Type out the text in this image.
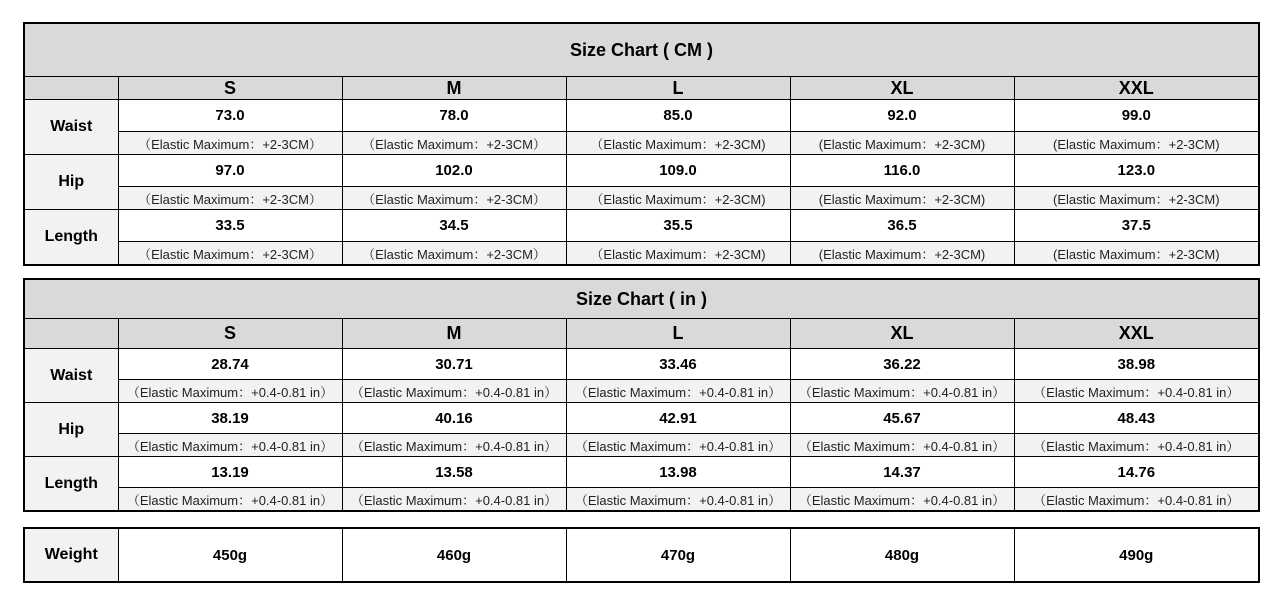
Size Chart ( CM )					
	S	M	L	XL	XXL
Waist	73.0	78.0	85.0	92.0	99.0
	（Elastic Maximum：+2-3CM）	（Elastic Maximum：+2-3CM）	（Elastic Maximum：+2-3CM)	(Elastic Maximum：+2-3CM)	(Elastic Maximum：+2-3CM)
Hip	97.0	102.0	109.0	116.0	123.0
	（Elastic Maximum：+2-3CM）	（Elastic Maximum：+2-3CM）	（Elastic Maximum：+2-3CM)	(Elastic Maximum：+2-3CM)	(Elastic Maximum：+2-3CM)
Length	33.5	34.5	35.5	36.5	37.5
	（Elastic Maximum：+2-3CM）	（Elastic Maximum：+2-3CM）	（Elastic Maximum：+2-3CM)	(Elastic Maximum：+2-3CM)	(Elastic Maximum：+2-3CM)
Size Chart ( in )					
	S	M	L	XL	XXL
Waist	28.74	30.71	33.46	36.22	38.98
	（Elastic Maximum：+0.4-0.81 in）	（Elastic Maximum：+0.4-0.81 in）	（Elastic Maximum：+0.4-0.81 in）	（Elastic Maximum：+0.4-0.81 in）	（Elastic Maximum：+0.4-0.81 in）
Hip	38.19	40.16	42.91	45.67	48.43
	（Elastic Maximum：+0.4-0.81 in）	（Elastic Maximum：+0.4-0.81 in）	（Elastic Maximum：+0.4-0.81 in）	（Elastic Maximum：+0.4-0.81 in）	（Elastic Maximum：+0.4-0.81 in）
Length	13.19	13.58	13.98	14.37	14.76
	（Elastic Maximum：+0.4-0.81 in）	（Elastic Maximum：+0.4-0.81 in）	（Elastic Maximum：+0.4-0.81 in）	（Elastic Maximum：+0.4-0.81 in）	（Elastic Maximum：+0.4-0.81 in）
Weight	450g	460g	470g	480g	490g
